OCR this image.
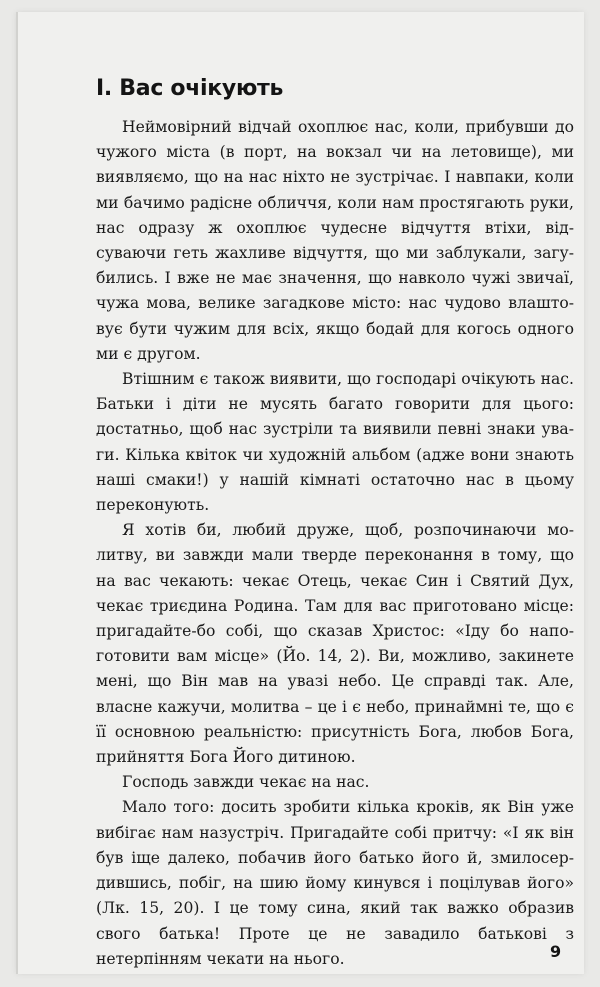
I. Вас очікують

Неймовірний відчай охоплює нас, коли, прибувши до чужого міста (в порт, на вокзал чи на летовище), ми виявляємо, що на нас ніхто не зустрічає. І навпаки, коли ми бачимо радісне обличчя, коли нам простягають руки, нас одразу ж охоплює чудесне відчуття втіхи, відсуваючи геть жахливе відчуття, що ми заблукали, загубились. І вже не має значення, що навколо чужі звичаї, чужа мова, велике загадкове місто: нас чудово влаштовує бути чужим для всіх, якщо бодай для когось одного ми є другом.

Втішним є також виявити, що господарі очікують нас. Батьки і діти не мусять багато говорити для цього: достатньо, щоб нас зустріли та виявили певні знаки уваги. Кілька квіток чи художній альбом (адже вони знають наші смаки!) у нашій кімнаті остаточно нас в цьому переконують.

Я хотів би, любий друже, щоб, розпочинаючи молитву, ви завжди мали тверде переконання в тому, що на вас чекають: чекає Отець, чекає Син і Святий Дух, чекає триєдина Родина. Там для вас приготовано місце: пригадайте-бо собі, що сказав Христос: «Іду бо напоготовити вам місце» (Йо. 14, 2). Ви, можливо, закинете мені, що Він мав на увазі небо. Це справді так. Але, власне кажучи, молитва – це і є небо, принаймні те, що є її основною реальністю: присутність Бога, любов Бога, прийняття Бога Його дитиною.

Господь завжди чекає на нас.

Мало того: досить зробити кілька кроків, як Він уже вибігає нам назустріч. Пригадайте собі притчу: «І як він був іще далеко, побачив його батько його й, змилосердившись, побіг, на шию йому кинувся і поцілував його» (Лк. 15, 20). І це тому сина, який так важко образив свого батька! Проте це не завадило батькові з нетерпінням чекати на нього.	9
